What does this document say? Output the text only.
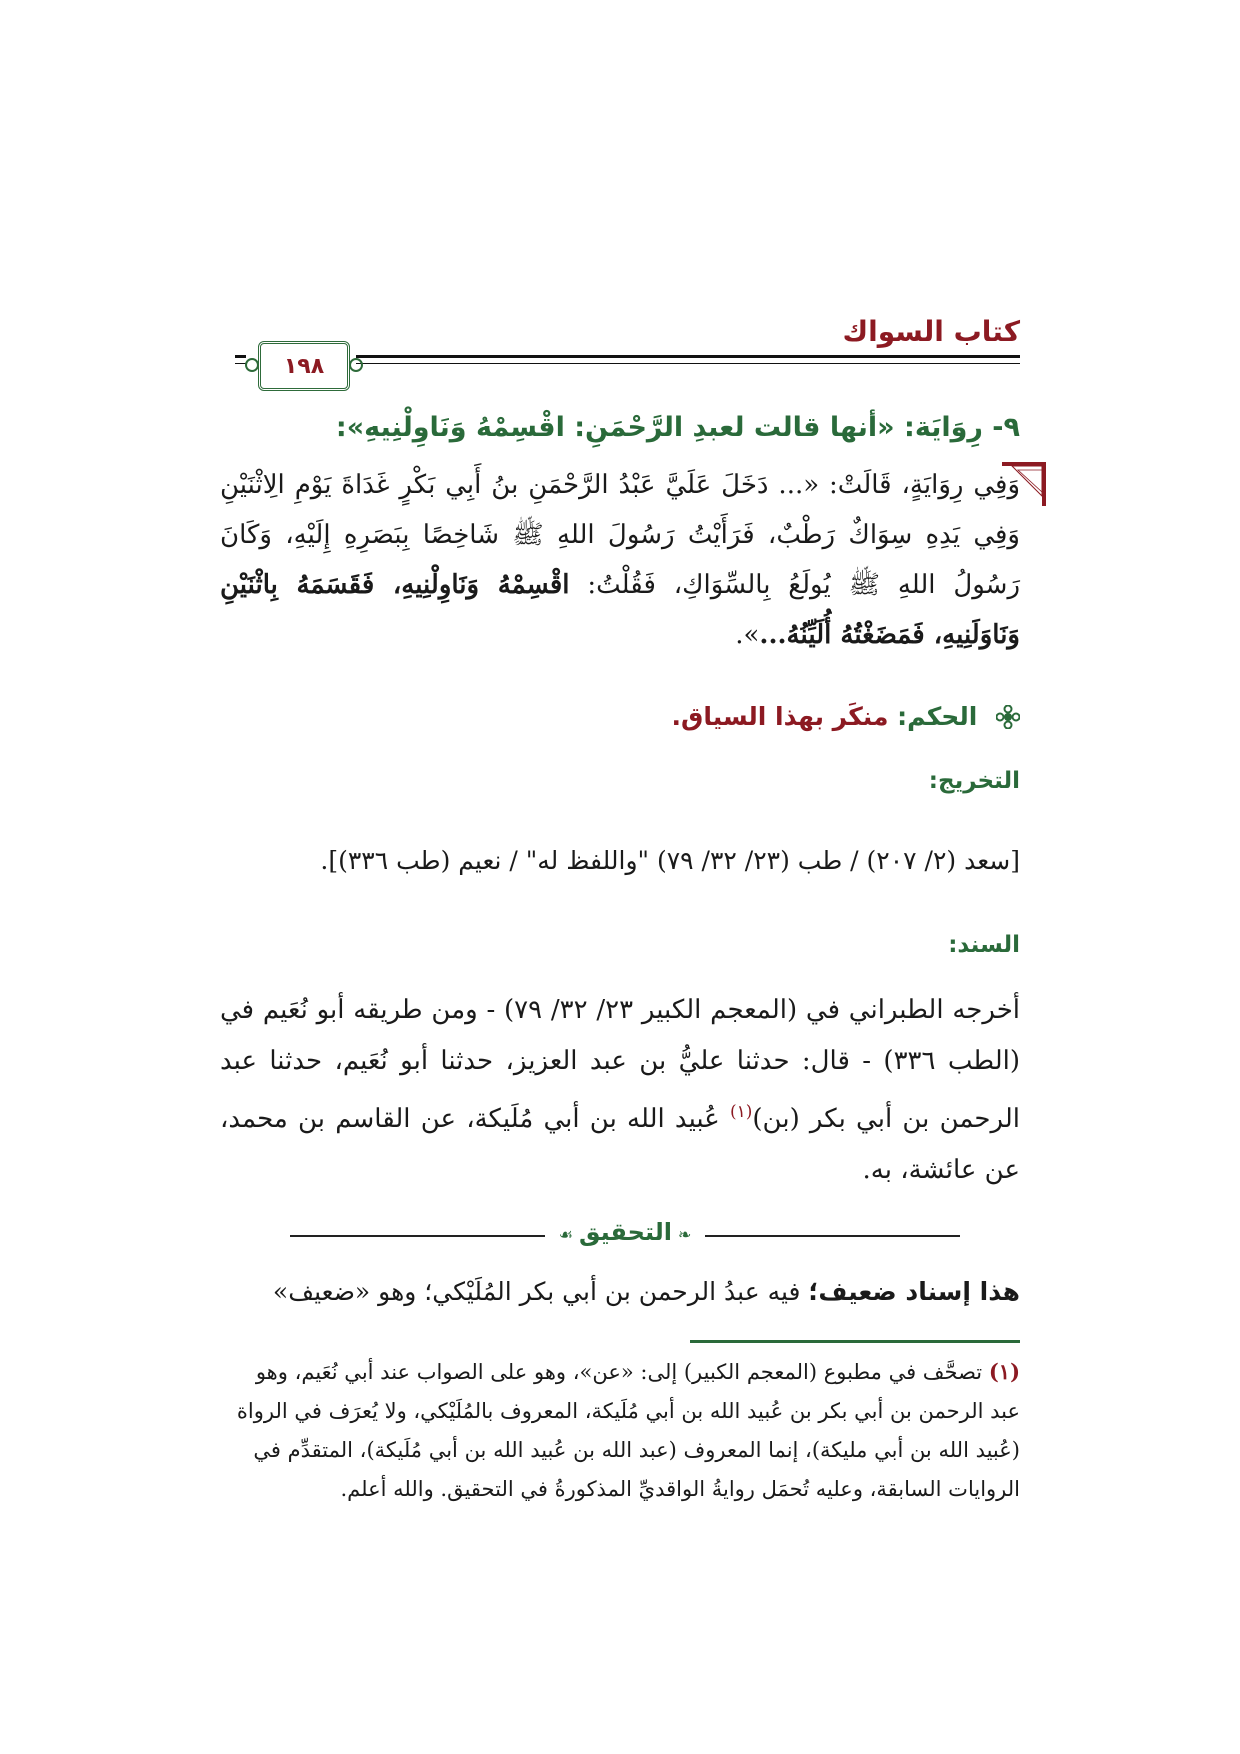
كتاب السواك
١٩٨
٩- رِوَايَة: «أنها قالت لعبدِ الرَّحْمَنِ: اقْسِمْهُ وَنَاوِلْنِيهِ»:

وَفِي رِوَايَةٍ، قَالَتْ: «... دَخَلَ عَلَيَّ عَبْدُ الرَّحْمَنِ بنُ أَبِي بَكْرٍ غَدَاةَ يَوْمِ الِاثْنَيْنِ وَفِي يَدِهِ سِوَاكٌ رَطْبٌ، فَرَأَيْتُ رَسُولَ اللهِ ﷺ شَاخِصًا بِبَصَرِهِ إِلَيْهِ، وَكَانَ رَسُولُ اللهِ ﷺ يُولَعُ بِالسِّوَاكِ، فَقُلْتُ: اقْسِمْهُ وَنَاوِلْنِيهِ، فَقَسَمَهُ بِاثْنَيْنِ وَنَاوَلَنِيهِ، فَمَضَغْتُهُ أُلَيِّنُهُ...».

الحكم: منكَر بهذا السياق.
التخريج:

[سعد (٢/ ٢٠٧) / طب (٢٣/ ٣٢/ ٧٩) "واللفظ له" / نعيم (طب ٣٣٦)].

السند:

أخرجه الطبراني في (المعجم الكبير ٢٣/ ٣٢/ ٧٩) - ومن طريقه أبو نُعَيم في (الطب ٣٣٦) - قال: حدثنا عليُّ بن عبد العزيز، حدثنا أبو نُعَيم، حدثنا عبد الرحمن بن أبي بكر (بن)$^{(١)}$ عُبيد الله بن أبي مُلَيكة، عن القاسم بن محمد، عن عائشة، به.

❧التحقيق☙

هذا إسناد ضعيف؛ فيه عبدُ الرحمن بن أبي بكر المُلَيْكي؛ وهو «ضعيف»

(١) تصحَّف في مطبوع (المعجم الكبير) إلى: «عن»، وهو على الصواب عند أبي نُعَيم، وهو عبد الرحمن بن أبي بكر بن عُبيد الله بن أبي مُلَيكة، المعروف بالمُلَيْكي، ولا يُعرَف في الرواة (عُبيد الله بن أبي مليكة)، إنما المعروف (عبد الله بن عُبيد الله بن أبي مُلَيكة)، المتقدِّم في الروايات السابقة، وعليه تُحمَل روايةُ الواقديِّ المذكورةُ في التحقيق. والله أعلم.
